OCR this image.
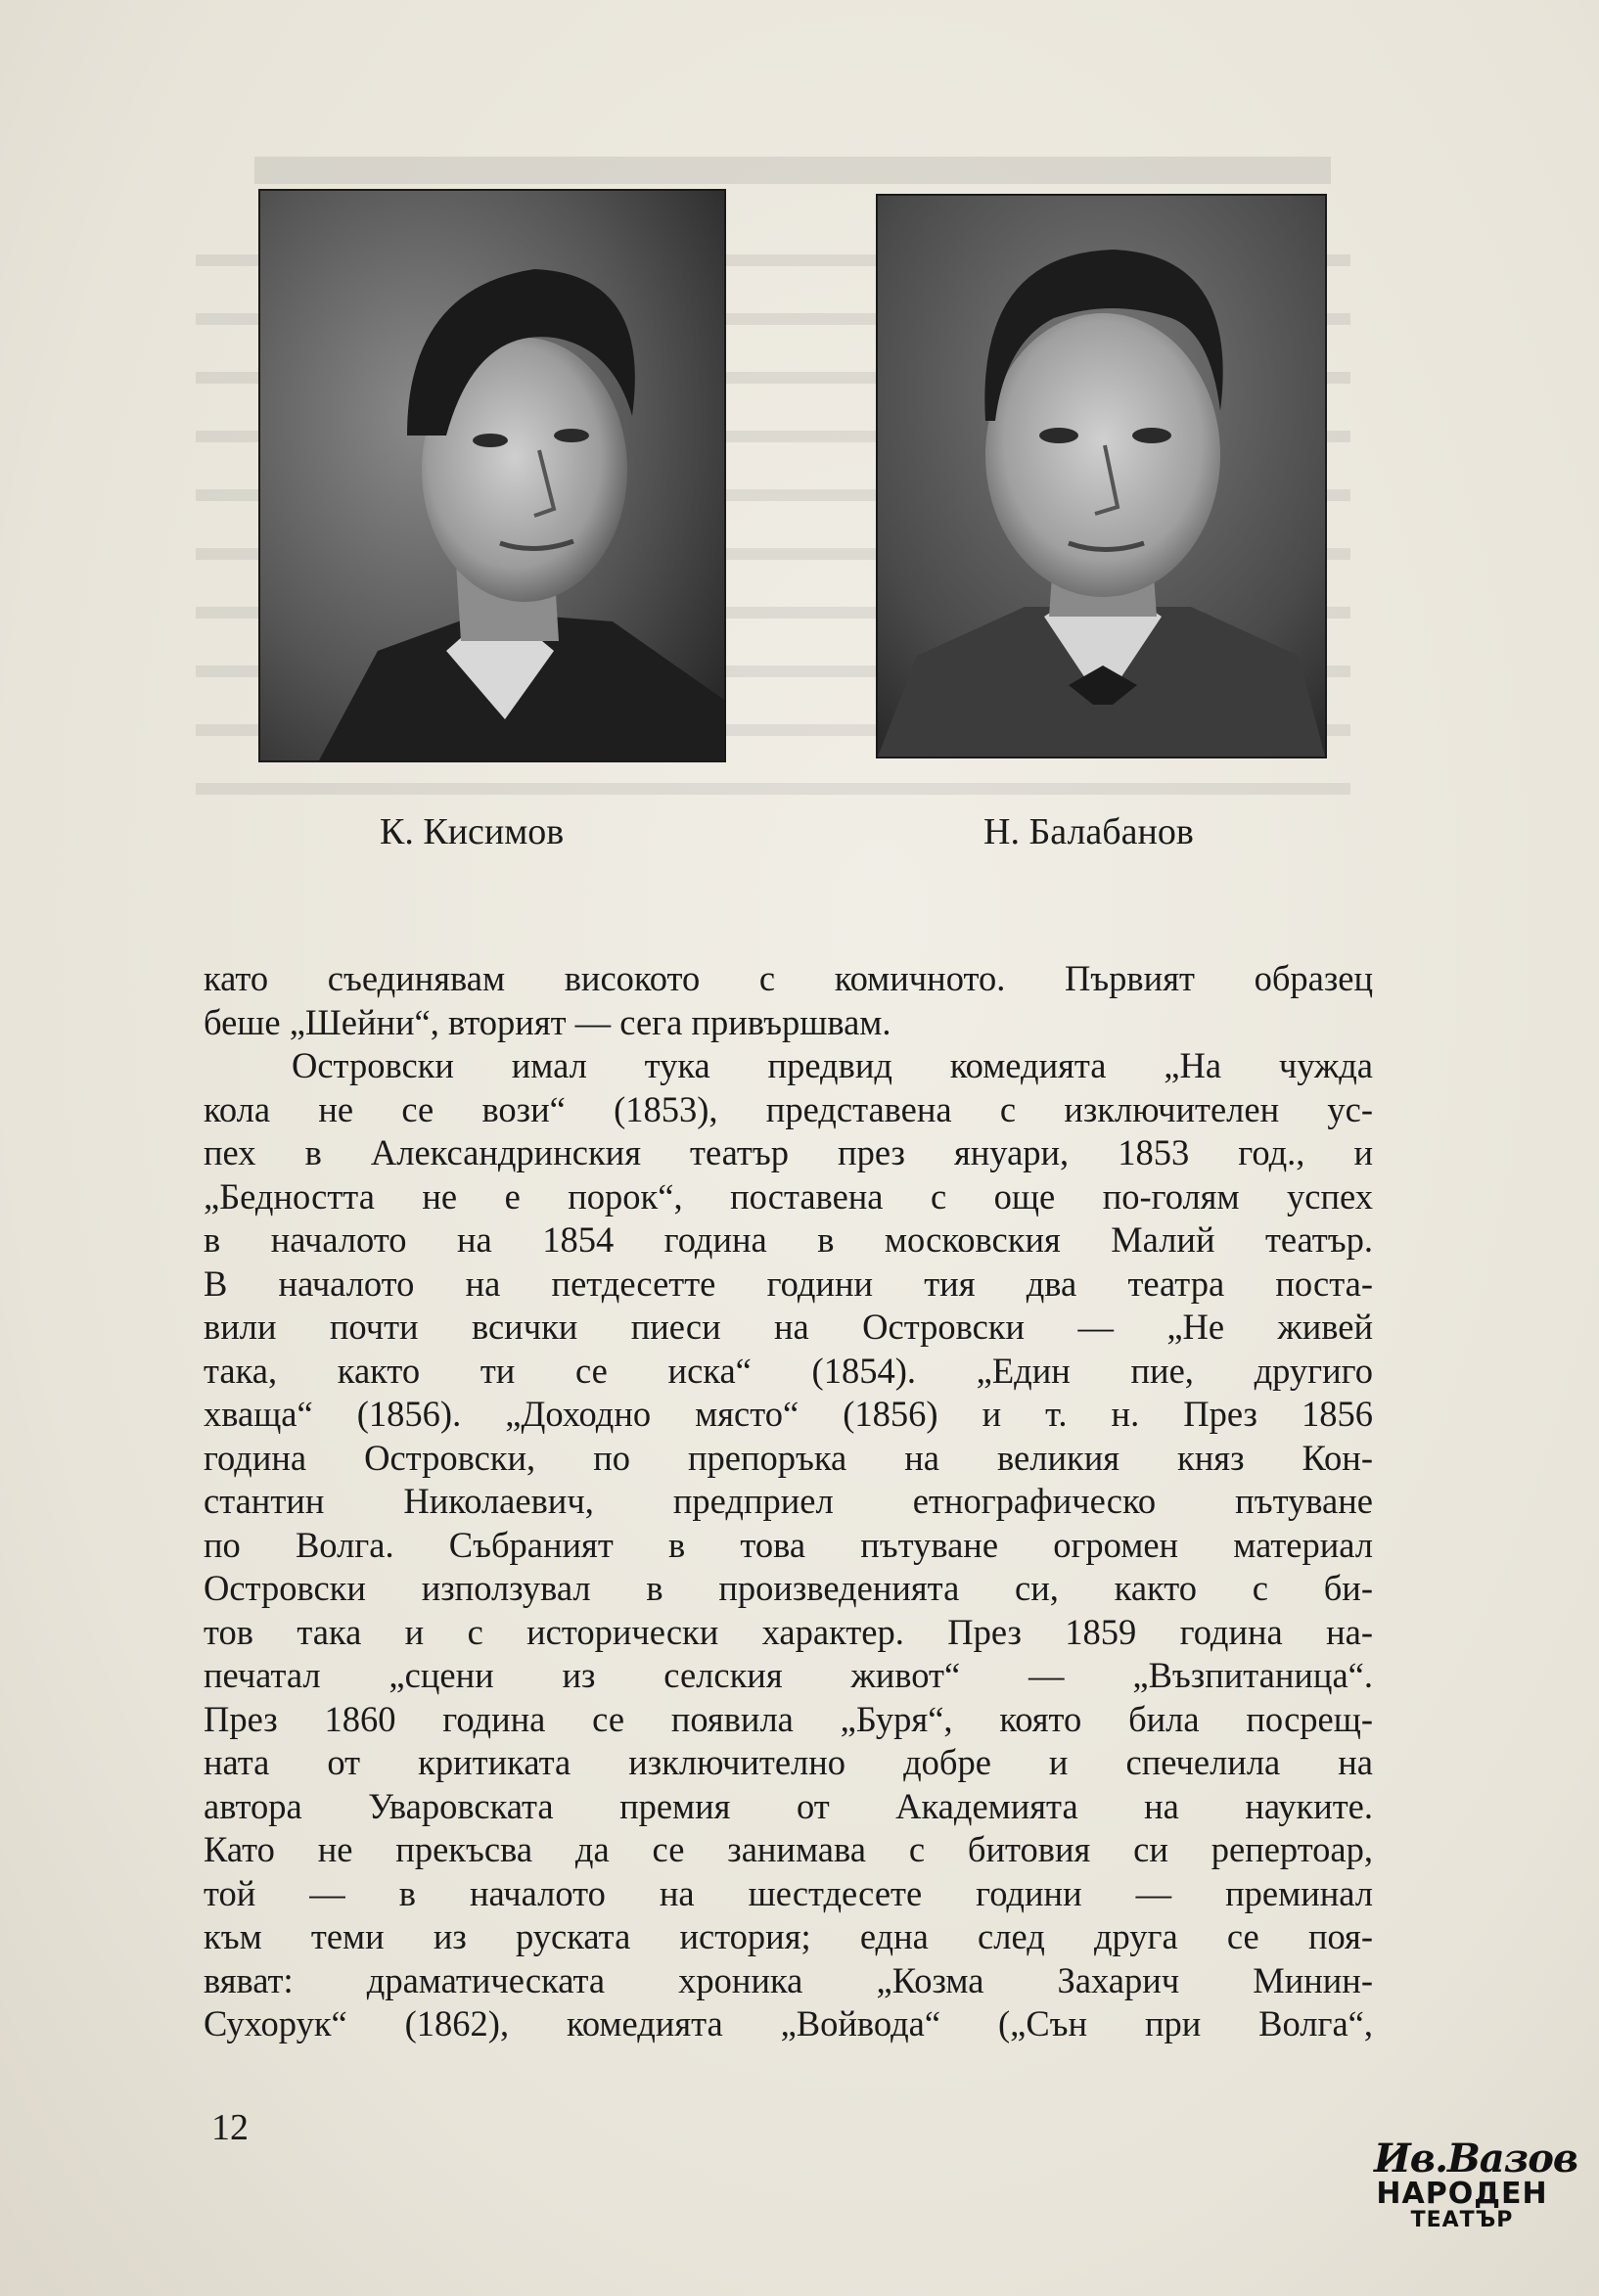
К. Кисимов	Н. Балабанов
като съединявам високото с комичното. Първият образец
беше „Шейни“, вторият — сега привършвам.
Островски имал тука предвид комедията „На чужда
кола не се вози“ (1853), представена с изключителен ус-
пех в Александринския театър през януари, 1853 год., и
„Бедността не е порок“, поставена с още по-голям успех
в началото на 1854 година в московския Малий театър.
В началото на петдесетте години тия два театра поста-
вили почти всички пиеси на Островски — „Не живей
така, както ти се иска“ (1854). „Един пие, другиго
хваща“ (1856). „Доходно място“ (1856) и т. н. През 1856
година Островски, по препоръка на великия княз Кон-
стантин Николаевич, предприел етнографическо пътуване
по Волга. Събраният в това пътуване огромен материал
Островски използувал в произведенията си, както с би-
тов така и с исторически характер. През 1859 година на-
печатал „сцени из селския живот“ — „Възпитаница“.
През 1860 година се появила „Буря“, която била посрещ-
ната от критиката изключително добре и спечелила на
автора Уваровската премия от Академията на науките.
Като не прекъсва да се занимава с битовия си репертоар,
той — в началото на шестдесете години — преминал
към теми из руската история; една след друга се поя-
вяват: драматическата хроника „Козма Захарич Минин-
Сухорук“ (1862), комедията „Войвода“ („Сън при Волга“,
12
Ив.Вазов
НАРОДЕН
ТЕАТЪР
